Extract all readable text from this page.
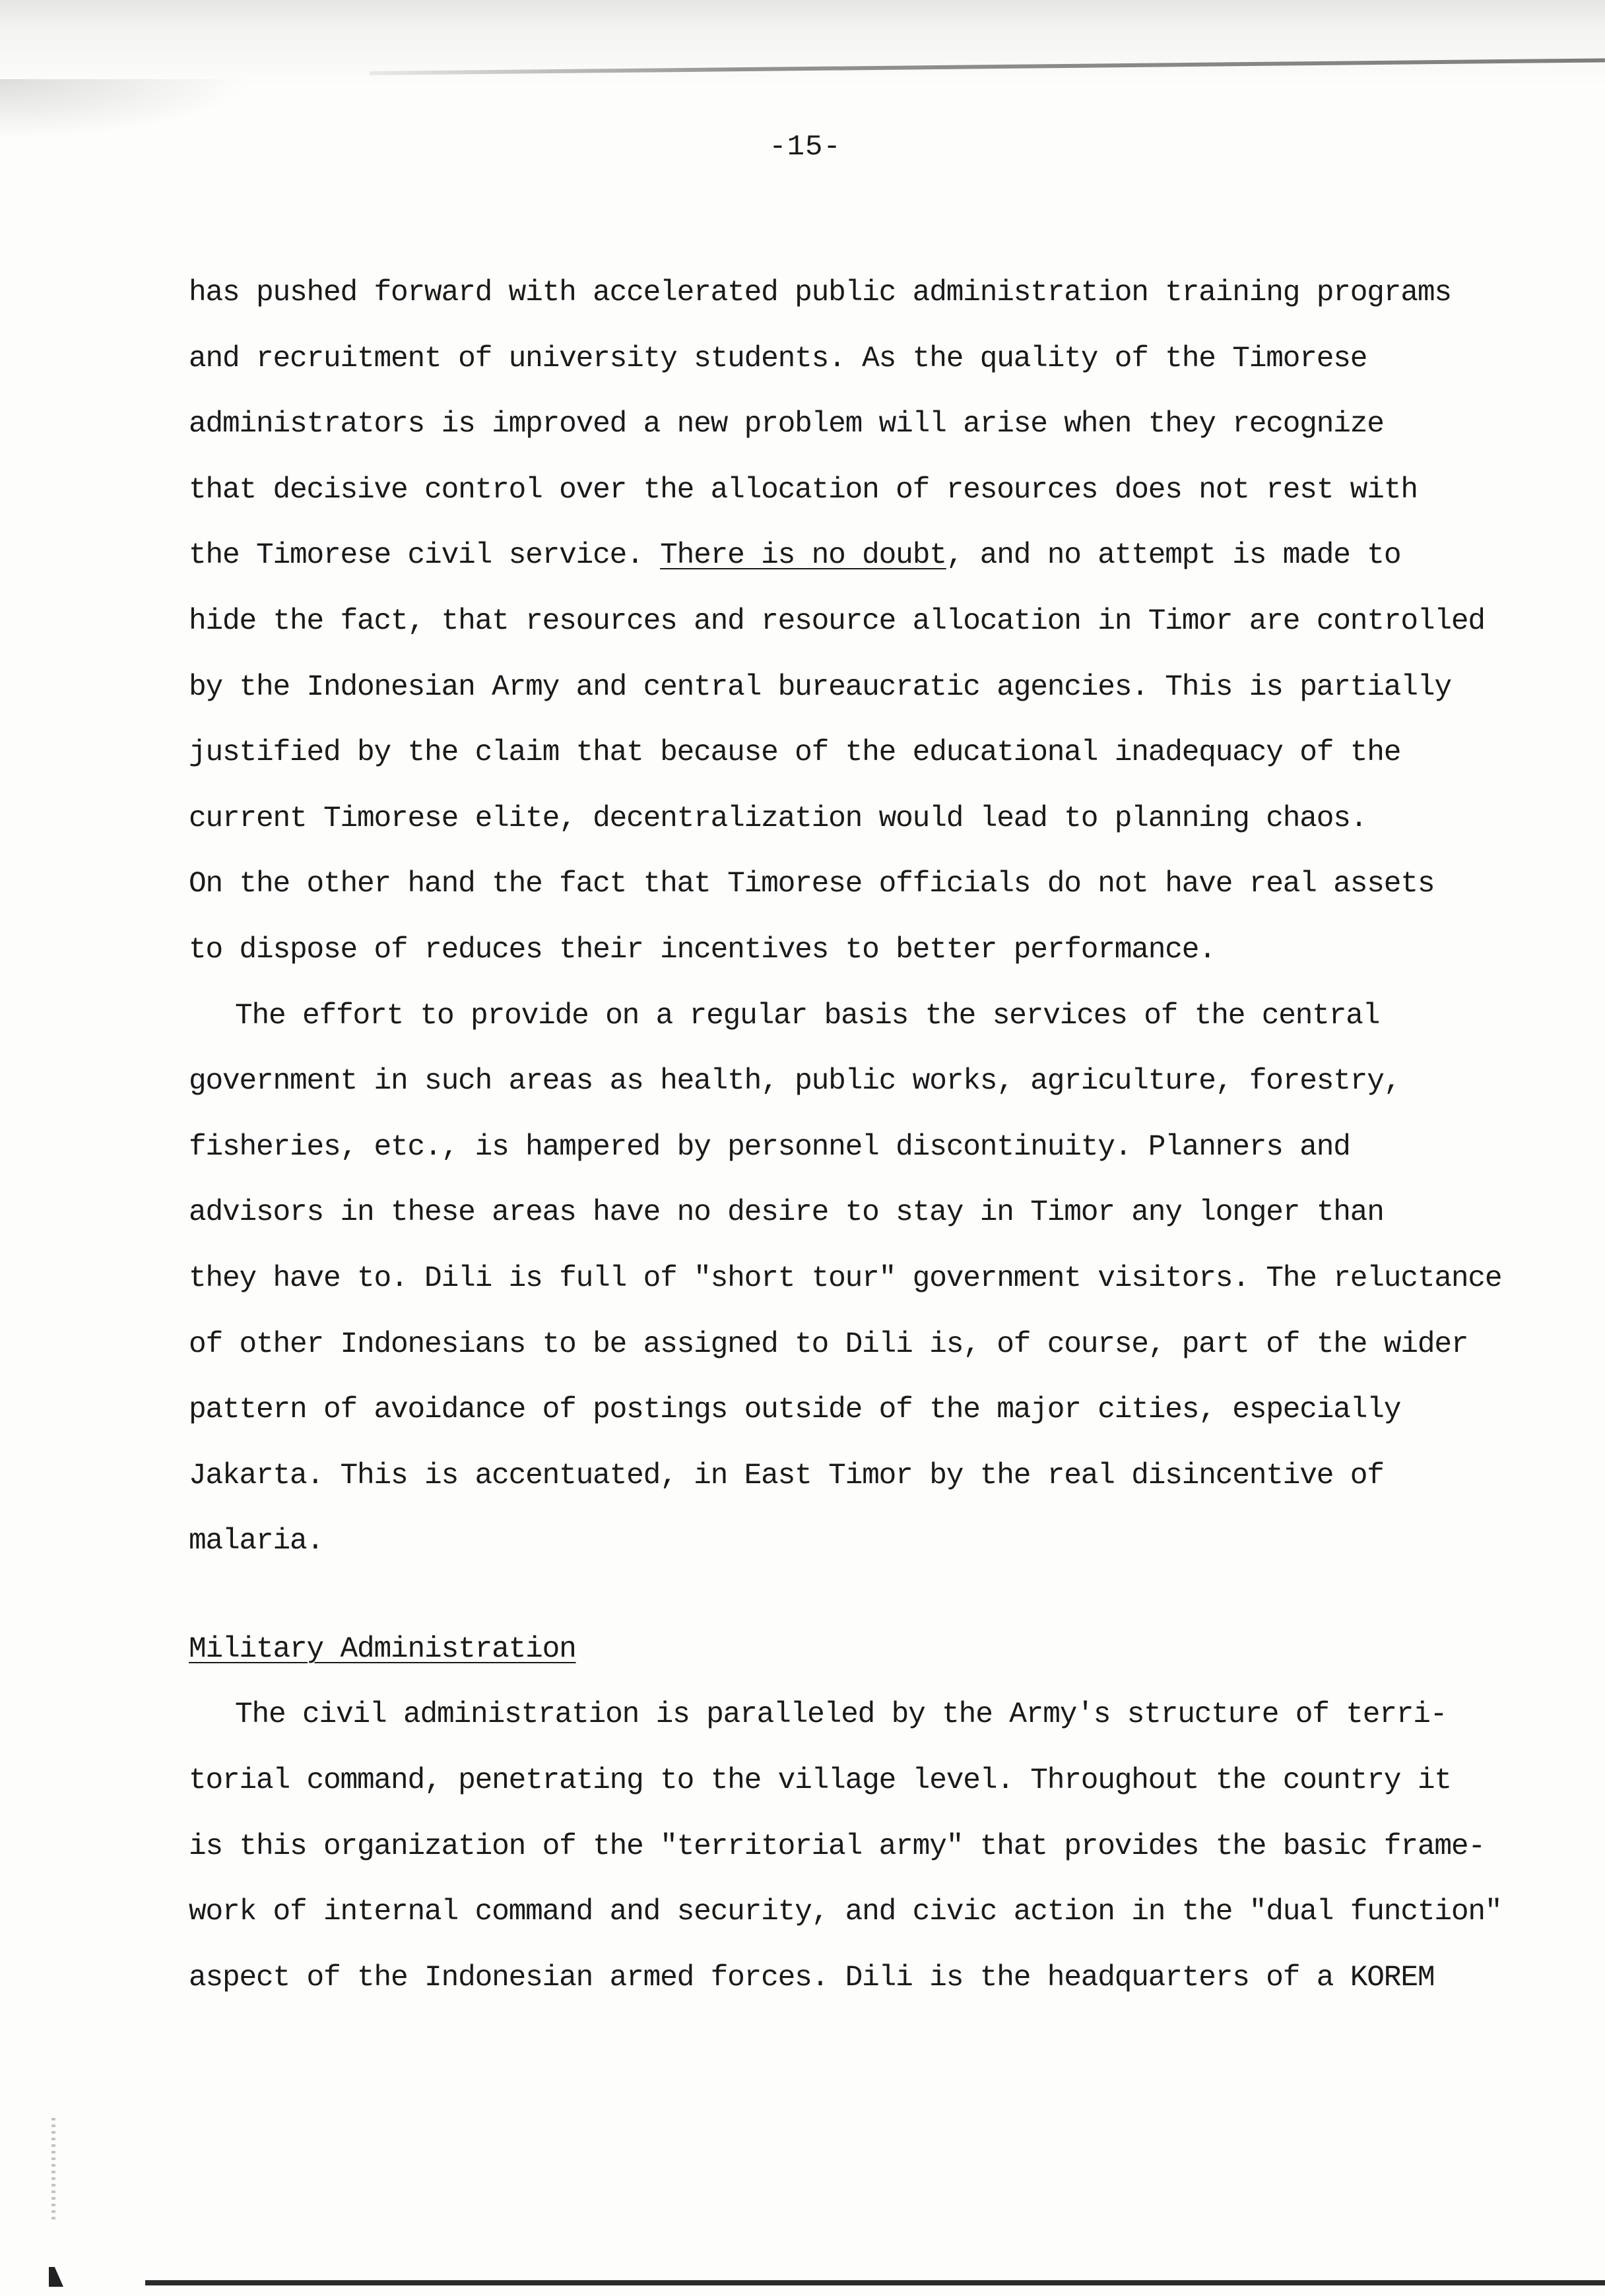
-15-
has pushed forward with accelerated public administration training programs
and recruitment of university students. As the quality of the Timorese
administrators is improved a new problem will arise when they recognize
that decisive control over the allocation of resources does not rest with
the Timorese civil service. There is no doubt, and no attempt is made to
hide the fact, that resources and resource allocation in Timor are controlled
by the Indonesian Army and central bureaucratic agencies. This is partially
justified by the claim that because of the educational inadequacy of the
current Timorese elite, decentralization would lead to planning chaos.
On the other hand the fact that Timorese officials do not have real assets
to dispose of reduces their incentives to better performance.
The effort to provide on a regular basis the services of the central
government in such areas as health, public works, agriculture, forestry,
fisheries, etc., is hampered by personnel discontinuity. Planners and
advisors in these areas have no desire to stay in Timor any longer than
they have to. Dili is full of "short tour" government visitors. The reluctance
of other Indonesians to be assigned to Dili is, of course, part of the wider
pattern of avoidance of postings outside of the major cities, especially
Jakarta. This is accentuated, in East Timor by the real disincentive of
malaria.
Military Administration
The civil administration is paralleled by the Army's structure of terri-
torial command, penetrating to the village level. Throughout the country it
is this organization of the "territorial army" that provides the basic frame-
work of internal command and security, and civic action in the "dual function"
aspect of the Indonesian armed forces. Dili is the headquarters of a KOREM
